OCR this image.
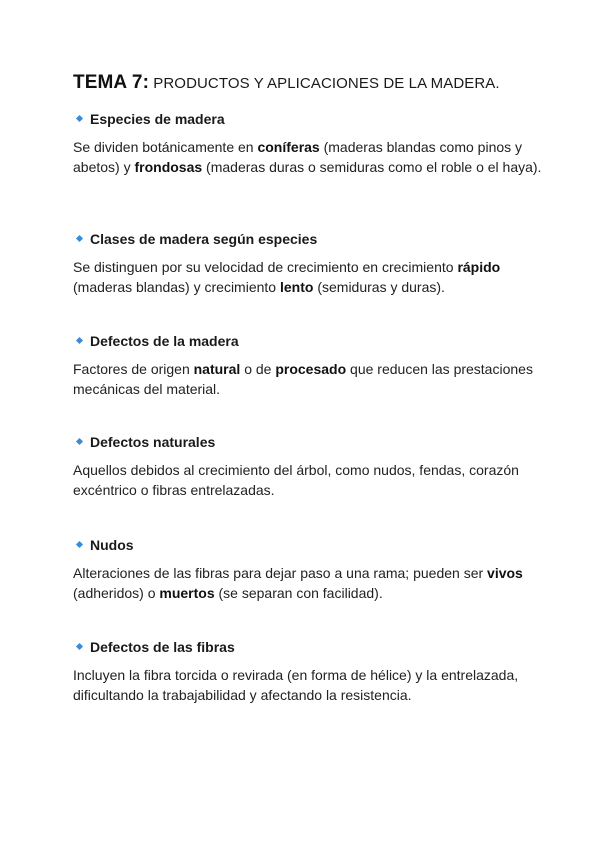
TEMA 7: PRODUCTOS Y APLICACIONES DE LA MADERA.
Especies de madera

Se dividen botánicamente en coníferas (maderas blandas como pinos y abetos) y frondosas (maderas duras o semiduras como el roble o el haya).

Clases de madera según especies

Se distinguen por su velocidad de crecimiento en crecimiento rápido (maderas blandas) y crecimiento lento (semiduras y duras).

Defectos de la madera

Factores de origen natural o de procesado que reducen las prestaciones mecánicas del material.

Defectos naturales

Aquellos debidos al crecimiento del árbol, como nudos, fendas, corazón excéntrico o fibras entrelazadas.

Nudos

Alteraciones de las fibras para dejar paso a una rama; pueden ser vivos (adheridos) o muertos (se separan con facilidad).

Defectos de las fibras

Incluyen la fibra torcida o revirada (en forma de hélice) y la entrelazada, dificultando la trabajabilidad y afectando la resistencia.
